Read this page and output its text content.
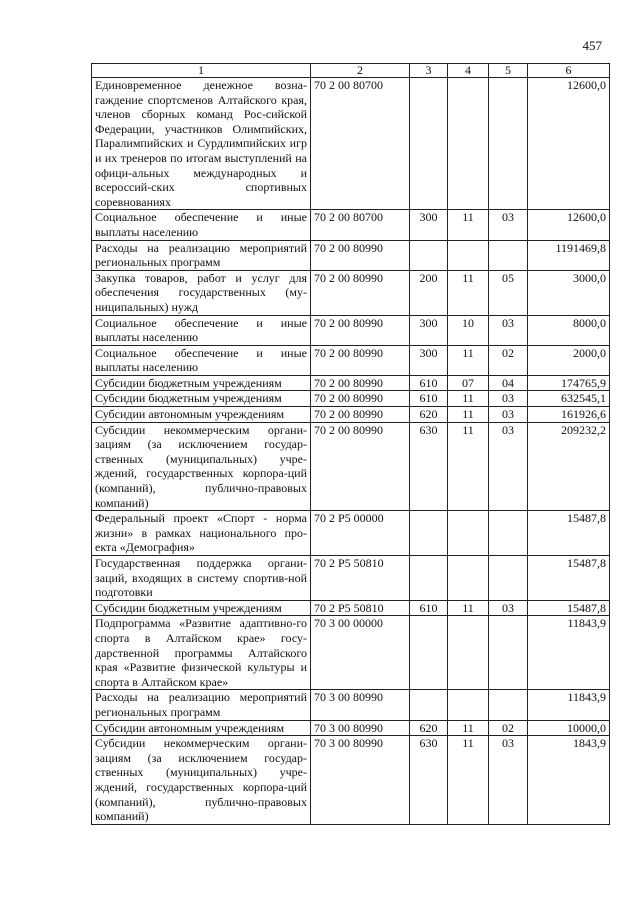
457
1	2	3	4	5	6
Единовременное денежное возна-гаждение спортсменов Алтайского края, членов сборных команд Рос-сийской Федерации, участников Олимпийских, Паралимпийских и Сурдлимпийских игр и их тренеров по итогам выступлений на офици-альных международных и всероссий-ских спортивных соревнованиях	70 2 00 80700				12600,0
Социальное обеспечение и иные выплаты населению	70 2 00 80700	300	11	03	12600,0
Расходы на реализацию мероприятий региональных программ	70 2 00 80990				1191469,8
Закупка товаров, работ и услуг для обеспечения государственных (му-ниципальных) нужд	70 2 00 80990	200	11	05	3000,0
Социальное обеспечение и иные выплаты населению	70 2 00 80990	300	10	03	8000,0
Социальное обеспечение и иные выплаты населению	70 2 00 80990	300	11	02	2000,0
Субсидии бюджетным учреждениям	70 2 00 80990	610	07	04	174765,9
Субсидии бюджетным учреждениям	70 2 00 80990	610	11	03	632545,1
Субсидии автономным учреждениям	70 2 00 80990	620	11	03	161926,6
Субсидии некоммерческим органи-зациям (за исключением государ-ственных (муниципальных) учре-ждений, государственных корпора-ций (компаний), публично-правовых компаний)	70 2 00 80990	630	11	03	209232,2
Федеральный проект «Спорт - норма жизни» в рамках национального про-екта «Демография»	70 2 P5 00000				15487,8
Государственная поддержка органи-заций, входящих в систему спортив-ной подготовки	70 2 P5 50810				15487,8
Субсидии бюджетным учреждениям	70 2 P5 50810	610	11	03	15487,8
Подпрограмма «Развитие адаптивно-го спорта в Алтайском крае» госу-дарственной программы Алтайского края «Развитие физической культуры и спорта в Алтайском крае»	70 3 00 00000				11843,9
Расходы на реализацию мероприятий региональных программ	70 3 00 80990				11843,9
Субсидии автономным учреждениям	70 3 00 80990	620	11	02	10000,0
Субсидии некоммерческим органи-зациям (за исключением государ-ственных (муниципальных) учре-ждений, государственных корпора-ций (компаний), публично-правовых компаний)	70 3 00 80990	630	11	03	1843,9
